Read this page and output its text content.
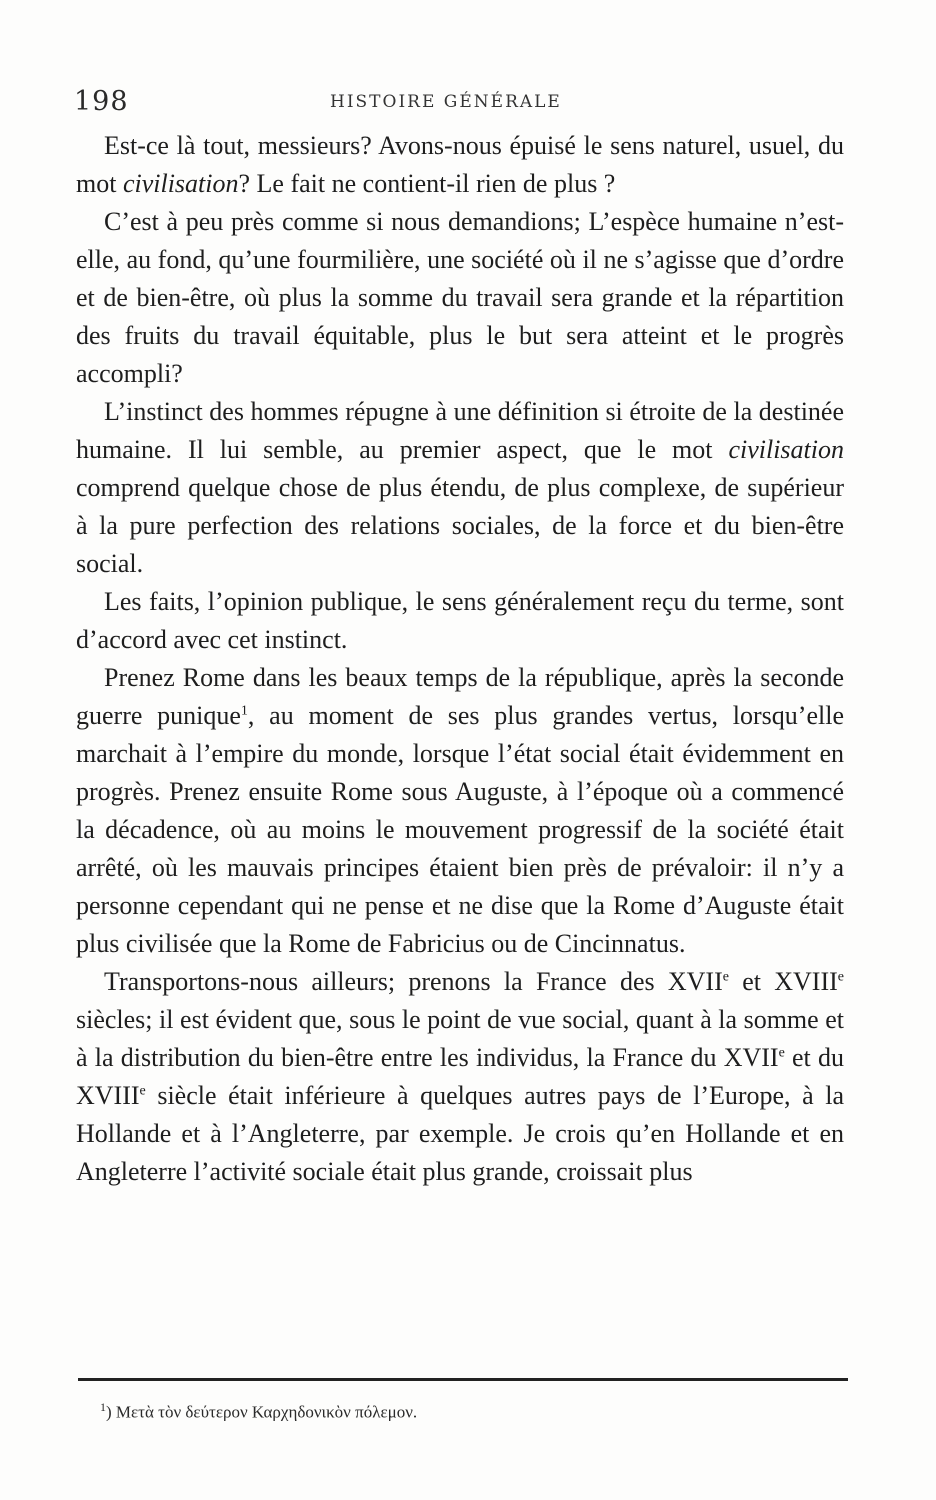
198	HISTOIRE GÉNÉRALE

Est-ce là tout, messieurs? Avons-nous épuisé le sens naturel, usuel, du mot civilisation? Le fait ne contient-il rien de plus ?

C’est à peu près comme si nous demandions; L’espèce humaine n’est-elle, au fond, qu’une fourmilière, une société où il ne s’agisse que d’ordre et de bien-être, où plus la somme du travail sera grande et la répartition des fruits du travail équitable, plus le but sera atteint et le progrès accompli?

L’instinct des hommes répugne à une définition si étroite de la destinée humaine. Il lui semble, au premier aspect, que le mot civilisation comprend quelque chose de plus étendu, de plus complexe, de supérieur à la pure perfection des relations sociales, de la force et du bien-être social.

Les faits, l’opinion publique, le sens généralement reçu du terme, sont d’accord avec cet instinct.

Prenez Rome dans les beaux temps de la république, après la seconde guerre punique$^1$, au moment de ses plus grandes vertus, lorsqu’elle marchait à l’empire du monde, lorsque l’état social était évidemment en progrès. Prenez ensuite Rome sous Auguste, à l’époque où a commencé la décadence, où au moins le mouvement progressif de la société était arrêté, où les mauvais principes étaient bien près de prévaloir: il n’y a personne cependant qui ne pense et ne dise que la Rome d’Auguste était plus civilisée que la Rome de Fabricius ou de Cincinnatus.

Transportons-nous ailleurs; prenons la France des XVIIe et XVIIIe siècles; il est évident que, sous le point de vue social, quant à la somme et à la distribution du bien-être entre les individus, la France du XVIIe et du XVIIIe siècle était inférieure à quelques autres pays de l’Europe, à la Hollande et à l’Angleterre, par exemple. Je crois qu’en Hollande et en Angleterre l’activité sociale était plus grande, croissait plus

$^1$) Μετὰ τὸν δεύτερον Καρχηδονικὸν πόλεμον.
